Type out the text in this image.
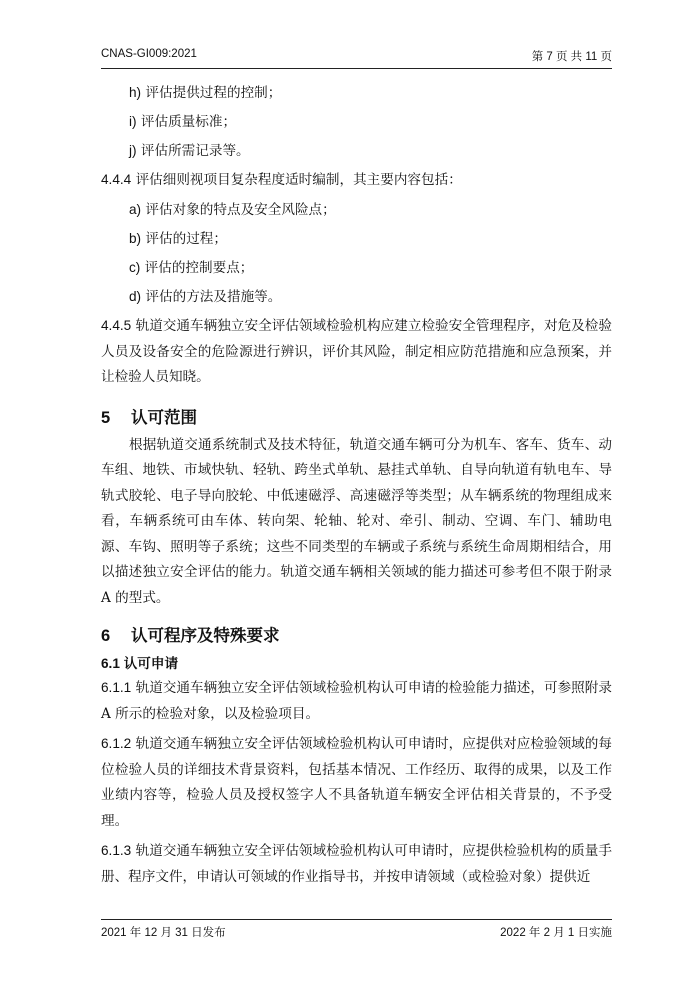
CNAS-GI009:2021	第 7 页 共 11 页
h) 评估提供过程的控制；
i) 评估质量标准；
j) 评估所需记录等。

4.4.4 评估细则视项目复杂程度适时编制，其主要内容包括：

a) 评估对象的特点及安全风险点；
b) 评估的过程；
c) 评估的控制要点；
d) 评估的方法及措施等。

4.4.5 轨道交通车辆独立安全评估领域检验机构应建立检验安全管理程序，对危及检验人员及设备安全的危险源进行辨识，评价其风险，制定相应防范措施和应急预案，并让检验人员知晓。

5 认可范围

根据轨道交通系统制式及技术特征，轨道交通车辆可分为机车、客车、货车、动车组、地铁、市域快轨、轻轨、跨坐式单轨、悬挂式单轨、自导向轨道有轨电车、导轨式胶轮、电子导向胶轮、中低速磁浮、高速磁浮等类型；从车辆系统的物理组成来看，车辆系统可由车体、转向架、轮轴、轮对、牵引、制动、空调、车门、辅助电源、车钩、照明等子系统；这些不同类型的车辆或子系统与系统生命周期相结合，用以描述独立安全评估的能力。轨道交通车辆相关领域的能力描述可参考但不限于附录 A 的型式。

6 认可程序及特殊要求

6.1 认可申请

6.1.1 轨道交通车辆独立安全评估领域检验机构认可申请的检验能力描述，可参照附录 A 所示的检验对象，以及检验项目。

6.1.2 轨道交通车辆独立安全评估领域检验机构认可申请时，应提供对应检验领域的每位检验人员的详细技术背景资料，包括基本情况、工作经历、取得的成果，以及工作业绩内容等，检验人员及授权签字人不具备轨道车辆安全评估相关背景的，不予受理。

6.1.3 轨道交通车辆独立安全评估领域检验机构认可申请时，应提供检验机构的质量手册、程序文件，申请认可领域的作业指导书，并按申请领域（或检验对象）提供近

2021 年 12 月 31 日发布	2022 年 2 月 1 日实施
